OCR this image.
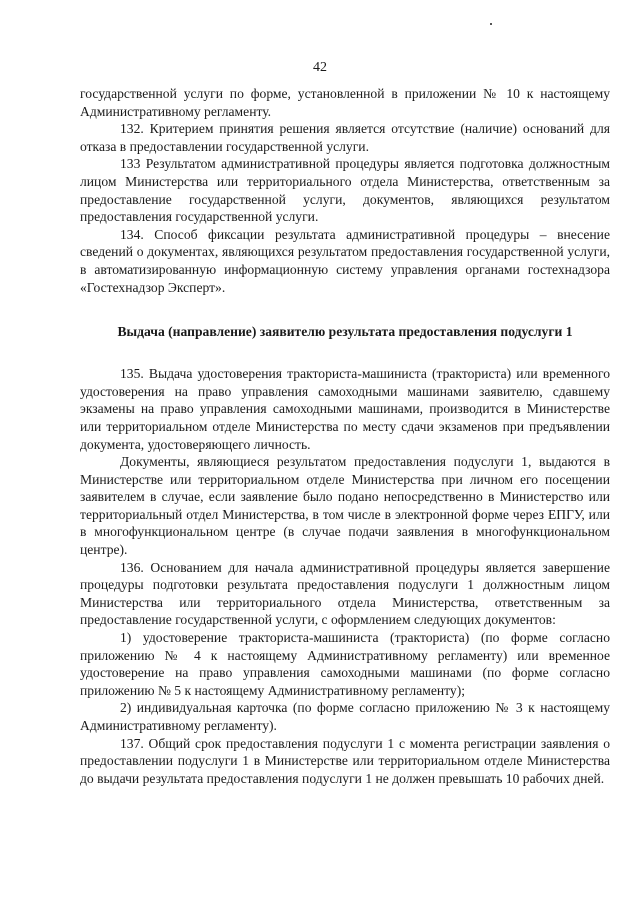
42

государственной услуги по форме, установленной в приложении № 10 к настоящему Административному регламенту.

132. Критерием принятия решения является отсутствие (наличие) оснований для отказа в предоставлении государственной услуги.

133 Результатом административной процедуры является подготовка должностным лицом Министерства или территориального отдела Министерства, ответственным за предоставление государственной услуги, документов, являющихся результатом предоставления государственной услуги.

134. Способ фиксации результата административной процедуры – внесение сведений о документах, являющихся результатом предоставления государственной услуги, в автоматизированную информационную систему управления органами гостехнадзора «Гостехнадзор Эксперт».

Выдача (направление) заявителю результата предоставления подуслуги 1

135. Выдача удостоверения тракториста-машиниста (тракториста) или временного удостоверения на право управления самоходными машинами заявителю, сдавшему экзамены на право управления самоходными машинами, производится в Министерстве или территориальном отделе Министерства по месту сдачи экзаменов при предъявлении документа, удостоверяющего личность.

Документы, являющиеся результатом предоставления подуслуги 1, выдаются в Министерстве или территориальном отделе Министерства при личном его посещении заявителем в случае, если заявление было подано непосредственно в Министерство или территориальный отдел Министерства, в том числе в электронной форме через ЕПГУ, или в многофункциональном центре (в случае подачи заявления в многофункциональном центре).

136. Основанием для начала административной процедуры является завершение процедуры подготовки результата предоставления подуслуги 1 должностным лицом Министерства или территориального отдела Министерства, ответственным за предоставление государственной услуги, с оформлением следующих документов:

1) удостоверение тракториста-машиниста (тракториста) (по форме согласно приложению № 4 к настоящему Административному регламенту) или временное удостоверение на право управления самоходными машинами (по форме согласно приложению № 5 к настоящему Административному регламенту);

2) индивидуальная карточка (по форме согласно приложению № 3 к настоящему Административному регламенту).

137. Общий срок предоставления подуслуги 1 с момента регистрации заявления о предоставлении подуслуги 1 в Министерстве или территориальном отделе Министерства до выдачи результата предоставления подуслуги 1 не должен превышать 10 рабочих дней.
